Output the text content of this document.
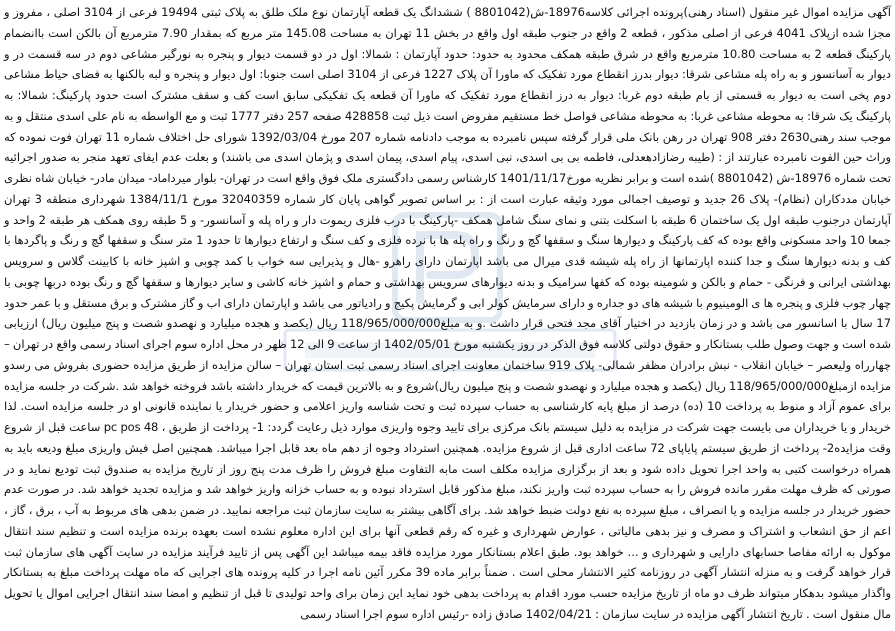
آگهی مزایده اموال غیر منقول (اسناد رهنی)پرونده اجرائی کلاسه18976-ش(8801042 ) ششدانگ یک قطعه آپارتمان نوع ملک طلق به پلاک ثبتی 19494 فرعی از 3104 اصلی ، مفروز و مجزا شده ازپلاک 4041 فرعی از اصلی مذکور ، قطعه 2 واقع در جنوب طبقه اول واقع در بخش 11 تهران به مساحت 145.08 متر مربع که بمقدار 7.90 مترمربع آن بالکن است باانضمام پارکینگ قطعه 2 به مساحت 10.80 مترمربع واقع در شرق طبقه همکف محدود به حدود: حدود آپارتمان : شمالا: اول در دو قسمت دیوار و پنجره به نورگیر مشاعی دوم در سه قسمت در و دیوار به آسانسور و به راه پله مشاعی شرقا: دیوار بدرز انقطاع مورد تفکیک که ماورا آن پلاک 1227 فرعی از 3104 اصلی است جنوبا: اول دیوار و پنجره و لبه بالکنها به فضای حیاط مشاعی دوم پخی است به دیوار به قسمتی از بام طبقه دوم غربا: دیوار به درز انقطاع مورد تفکیک که ماورا آن قطعه یک تفکیکی سابق است کف و سقف مشترک است حدود پارکینگ: شمالا: به پارکینگ یک شرقا: به محوطه مشاعی غربا: به محوطه مشاعی فواصل خط مستقیم مفروض است ذیل ثبت 428858 صفحه 257 دفتر 1777 ثبت و مع الواسطه به نام علی اسدی منتقل و به موجب سند رهنی2630 دفتر 908 تهران در رهن بانک ملی قرار گرفته سپس نامبرده به موجب دادنامه شماره 207 مورخ 1392/03/04 شورای حل اختلاف شماره 11 تهران فوت نموده که وراث حین الفوت نامبرده عبارتند از : (طیبه رضازادهعدلی، فاطمه بی بی اسدی، نبی اسدی، پیام اسدی، پیمان اسدی و پژمان اسدی می باشند) و بعلت عدم ایفای تعهد منجر به صدور اجرائیه تحت شماره 18976-ش (8801042 )شده است و برابر نظریه مورخ1401/11/17 کارشناس رسمی دادگستری ملک فوق واقع است در تهران- بلوار میرداماد- میدان مادر- خیابان شاه نظری خیابان مددکاران (نظام)- پلاک 26 جدید و توصیف اجمالی مورد وثیقه عبارت است از : بر اساس تصویر گواهی پایان کار شماره 32040359 مورخ 1384/11/1 شهرداری منطقه 3 تهران آپارتمان درجنوب طبقه اول یک ساختمان 6 طبقه با اسکلت بتنی و نمای سنگ شامل همکف -پارکینگ با درب فلزی ریموت دار و راه پله و آسانسور- و 5 طبقه روی همکف هر طبقه 2 واحد و جمعا 10 واحد مسکونی واقع بوده که کف پارکینگ و دیوارها سنگ و سقفها گچ و رنگ و راه پله ها با نرده فلزی و کف سنگ و ارتفاع دیوارها تا حدود 1 متر سنگ و سقفها گچ و رنگ و پاگردها با کف و بدنه دیوارها سنگ و جدا کننده اپارتمانها از راه پله شیشه قدی میرال می باشد اپارتمان دارای راهرو -هال و پذیرایی سه خواب با کمد چوبی و اشپز خانه با کابینت گلاس و سرویس بهداشتی ایرانی و فرنگی - حمام و بالکن و شومینه بوده که کفها سرامیک و بدنه دیوارهای سرویس بهداشتی و حمام و اشپز خانه کاشی و سایر دیوارها و سقفها گچ و رنگ بوده دربها چوبی با چهار چوب فلزی و پنجره ها ی الومینیوم با شیشه های دو جداره و دارای سرمایش کولر ابی و گرمایش پکیج و رادیاتور می باشد و اپارتمان دارای اب و گاز مشترک و برق مستقل و با عمر حدود 17 سال با اسانسور می باشد و در زمان بازدید در اختیار آقای مجد فتحی قرار داشت .و به مبلغ118/965/000/000 ریال (یکصد و هجده میلیارد و نهصدو شصت و پنج میلیون ریال) ارزیابی شده است و جهت وصول طلب بستانکار و حقوق دولتی کلاسه فوق الذکر در روز یکشنبه مورخ 1402/05/01 از ساعت 9 الی 12 ظهر در محل اداره سوم اجرای اسناد رسمی واقع در تهران – چهارراه ولیعصر – خیابان انقلاب - نبش برادران مظفر شمالی- پلاک 919 ساختمان معاونت اجرای اسناد رسمی ثبت استان تهران – سالن مزایده از طریق مزایده حضوری بفروش می رسدو مزایده ازمبلغ118/965/000/000 ریال (یکصد و هجده میلیارد و نهصدو شصت و پنج میلیون ریال)شروع و به بالاترین قیمت که خریدار داشته باشد فروخته خواهد شد .شرکت در جلسه مزایده برای عموم آزاد و منوط به پرداخت 10 (ده) درصد از مبلغ پایه کارشناسی به حساب سپرده ثبت و تحت شناسه واریز اعلامی و حضور خریدار یا نماینده قانونی او در جلسه مزایده است. لذا خریدار و یا خریداران می بایست جهت شرکت در مزایده به دلیل سیستم بانک مرکزی برای تایید وجوه واریزی موارد ذیل رعایت گردد: 1- پرداخت از طریق ، pc pos 48 ساعت قبل از شروع وقت مزایده2- پرداخت از طریق سیستم پایاپای 72 ساعت اداری قبل از شروع مزایده. همچنین استرداد وجوه از دهم ماه بعد قابل اجرا میباشد. همچنین اصل فیش واریزی مبلغ ودیعه باید به همراه درخواست کتبی به واحد اجرا تحویل داده شود و بعد از برگزاری مزایده مکلف است مابه التفاوت مبلغ فروش را ظرف مدت پنج روز از تاریخ مزایده به صندوق ثبت تودیع نماید و در صورتی که ظرف مهلت مقرر مانده فروش را به حساب سپرده ثبت واریز نکند، مبلغ مذکور قابل استرداد نبوده و به حساب خزانه واریز خواهد شد و مزایده تجدید خواهد شد. در صورت عدم حضور خریدار در جلسه مزایده و یا انصراف ، مبلغ سپرده به نفع دولت ضبط خواهد شد. برای آگاهی بیشتر به سایت سازمان ثبت مراجعه نمایید. در ضمن بدهی های مربوط به آب ، برق ، گاز ، اعم از حق انشعاب و اشتراک و مصرف و نیز بدهی مالیاتی ، عوارض شهرداری و غیره که رقم قطعی آنها برای این اداره معلوم نشده است بعهده برنده مزایده است و تنظیم سند انتقال موکول به ارائه مفاصا حسابهای دارایی و شهرداری و ... خواهد بود. طبق اعلام بستانکار مورد مزایده فاقد بیمه میباشد این آگهی پس از تایید فرآیند مزایده در سایت آگهی های سازمان ثبت قرار خواهد گرفت و به منزله انتشار آگهی در روزنامه کثیر الانتشار محلی است . ضمناً برابر ماده 39 مکرر آئین نامه اجرا در کلیه پرونده های اجرایی که ماه مهلت پرداخت مبلغ به بستانکار واگذار میشود بدهکار میتواند ظرف دو ماه از تاریخ مزایده حسب مورد اقدام به پرداخت بدهی خود نماید این زمان برای واحد تولیدی تا قبل از تنظیم و امضا سند انتقال اجرایی اموال یا تحویل مال منقول است . تاریخ انتشار آگهی مزایده در سایت سازمان : 1402/04/21 صادق زاده -رئیس اداره سوم اجرا اسناد رسمی
